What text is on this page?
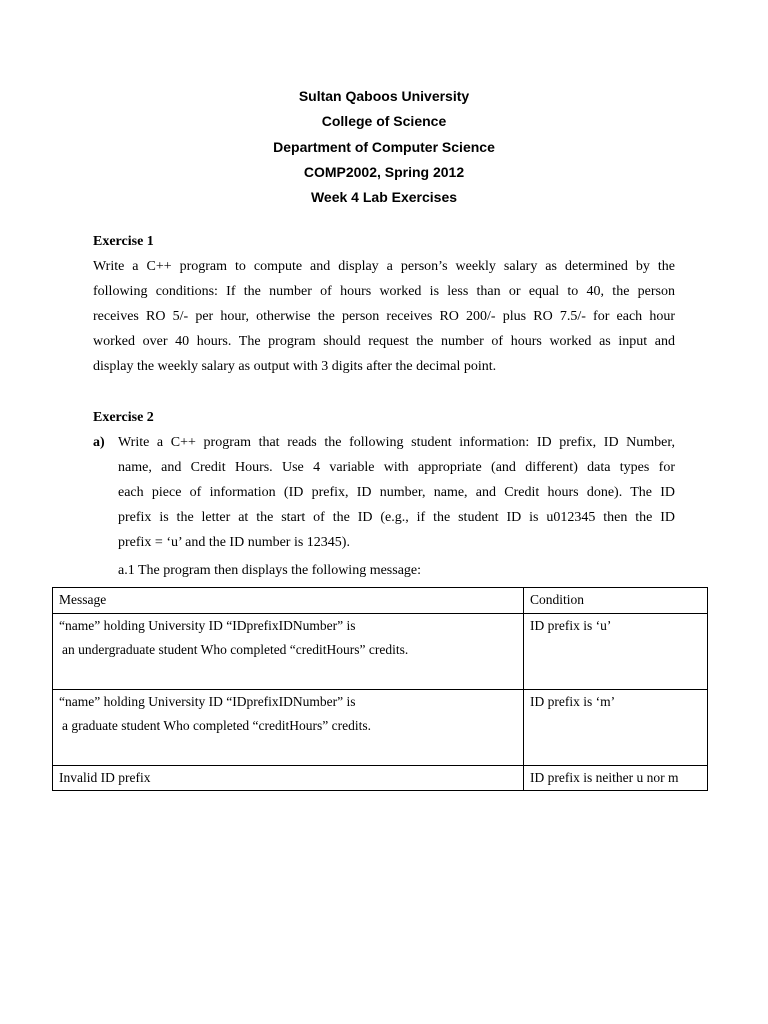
Sultan Qaboos University
College of Science
Department of Computer Science
COMP2002, Spring 2012
Week 4 Lab Exercises
Exercise 1
Write a C++ program to compute and display a person’s weekly salary as determined by the
following conditions: If the number of hours worked is less than or equal to 40, the person
receives RO 5/- per hour, otherwise the person receives RO 200/- plus RO 7.5/- for each hour
worked over 40 hours. The program should request the number of hours worked as input and
display the weekly salary as output with 3 digits after the decimal point.
Exercise 2
a) Write a C++ program that reads the following student information: ID prefix, ID Number,
name, and Credit Hours. Use 4 variable with appropriate (and different) data types for
each piece of information (ID prefix, ID number, name, and Credit hours done). The ID
prefix is the letter at the start of the ID (e.g., if the student ID is u012345 then the ID
prefix = ‘u’ and the ID number is 12345).
a.1 The program then displays the following message:
Message	Condition

“name” holding University ID “IDprefixIDNumber” is
an undergraduate student Who completed “creditHours” credits.	ID prefix is ‘u’

“name” holding University ID “IDprefixIDNumber” is
a graduate student Who completed “creditHours” credits.	ID prefix is ‘m’

Invalid ID prefix	ID prefix is neither u nor m
